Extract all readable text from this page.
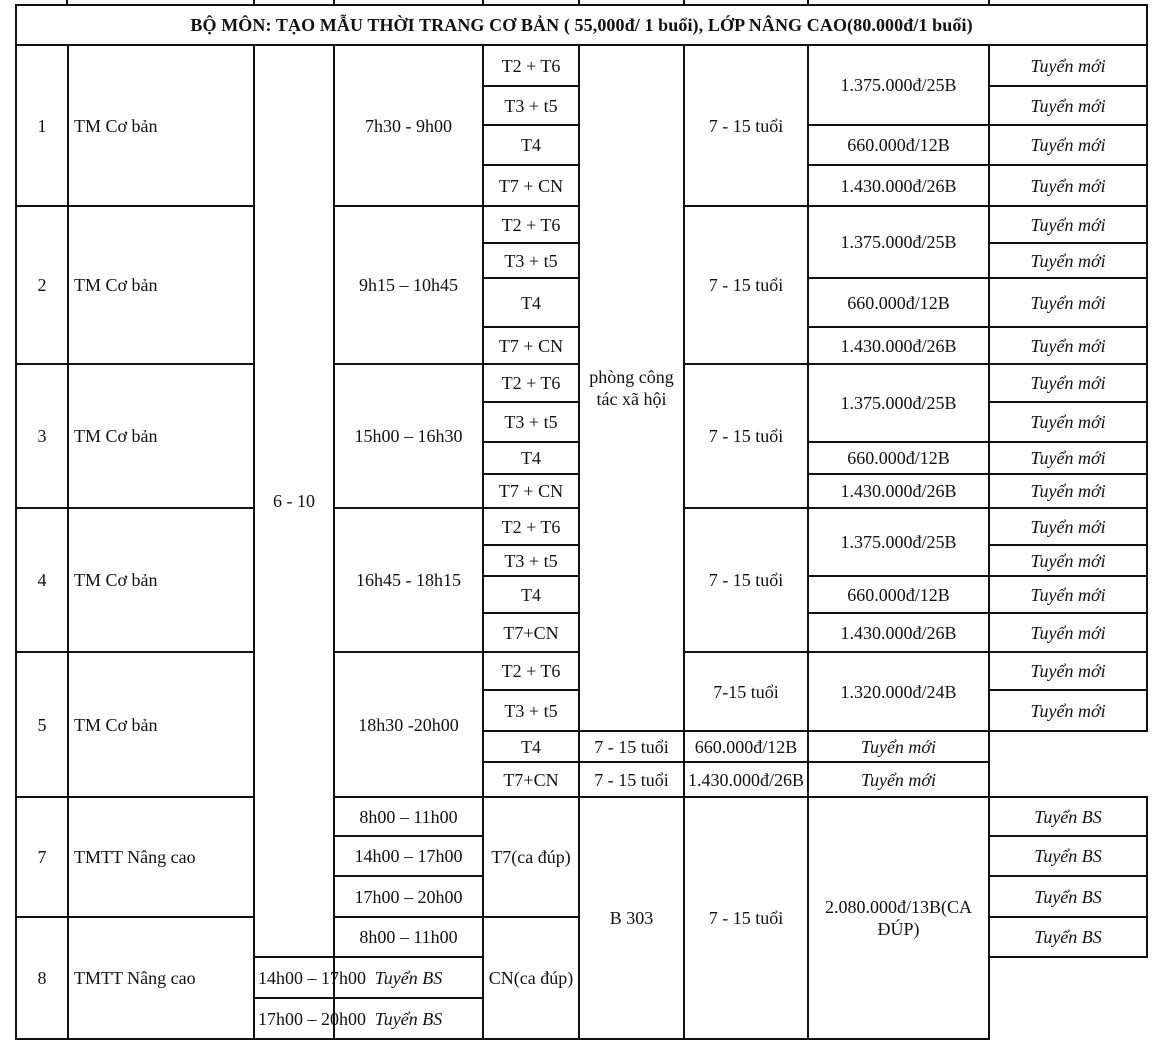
BỘ MÔN: TẠO MẪU THỜI TRANG CƠ BẢN ( 55,000đ/ 1 buổi), LỚP NÂNG CAO(80.000đ/1 buổi)								
1	TM Cơ bản	6 - 10	7h30 - 9h00	T2 + T6	phòng công tác xã hội	7 - 15 tuổi	1.375.000đ/25B	Tuyển mới
				T3 + t5				Tuyển mới
				T4			660.000đ/12B	Tuyển mới
				T7 + CN			1.430.000đ/26B	Tuyển mới
2	TM Cơ bản		9h15 – 10h45	T2 + T6		7 - 15 tuổi	1.375.000đ/25B	Tuyển mới
				T3 + t5				Tuyển mới
				T4			660.000đ/12B	Tuyển mới
				T7 + CN			1.430.000đ/26B	Tuyển mới
3	TM Cơ bản		15h00 – 16h30	T2 + T6		7 - 15 tuổi	1.375.000đ/25B	Tuyển mới
				T3 + t5				Tuyển mới
				T4			660.000đ/12B	Tuyển mới
				T7 + CN			1.430.000đ/26B	Tuyển mới
4	TM Cơ bản		16h45 - 18h15	T2 + T6		7 - 15 tuổi	1.375.000đ/25B	Tuyển mới
				T3 + t5				Tuyển mới
				T4			660.000đ/12B	Tuyển mới
				T7+CN			1.430.000đ/26B	Tuyển mới
5	TM Cơ bản		18h30 -20h00	T2 + T6		7-15 tuổi	1.320.000đ/24B	Tuyển mới
				T3 + t5				Tuyển mới
				T4	7 - 15 tuổi	660.000đ/12B	Tuyển mới	
				T7+CN	7 - 15 tuổi	1.430.000đ/26B	Tuyển mới	
7	TMTT Nâng cao		8h00 – 11h00	T7(ca đúp)	B 303	7 - 15 tuổi	2.080.000đ/13B(CA ĐÚP)	Tuyển BS
			14h00 – 17h00					Tuyển BS
			17h00 – 20h00					Tuyển BS
8	TMTT Nâng cao		8h00 – 11h00	CN(ca đúp)				Tuyển BS
		14h00 – 17h00	Tuyển BS					
		17h00 – 20h00	Tuyển BS					
